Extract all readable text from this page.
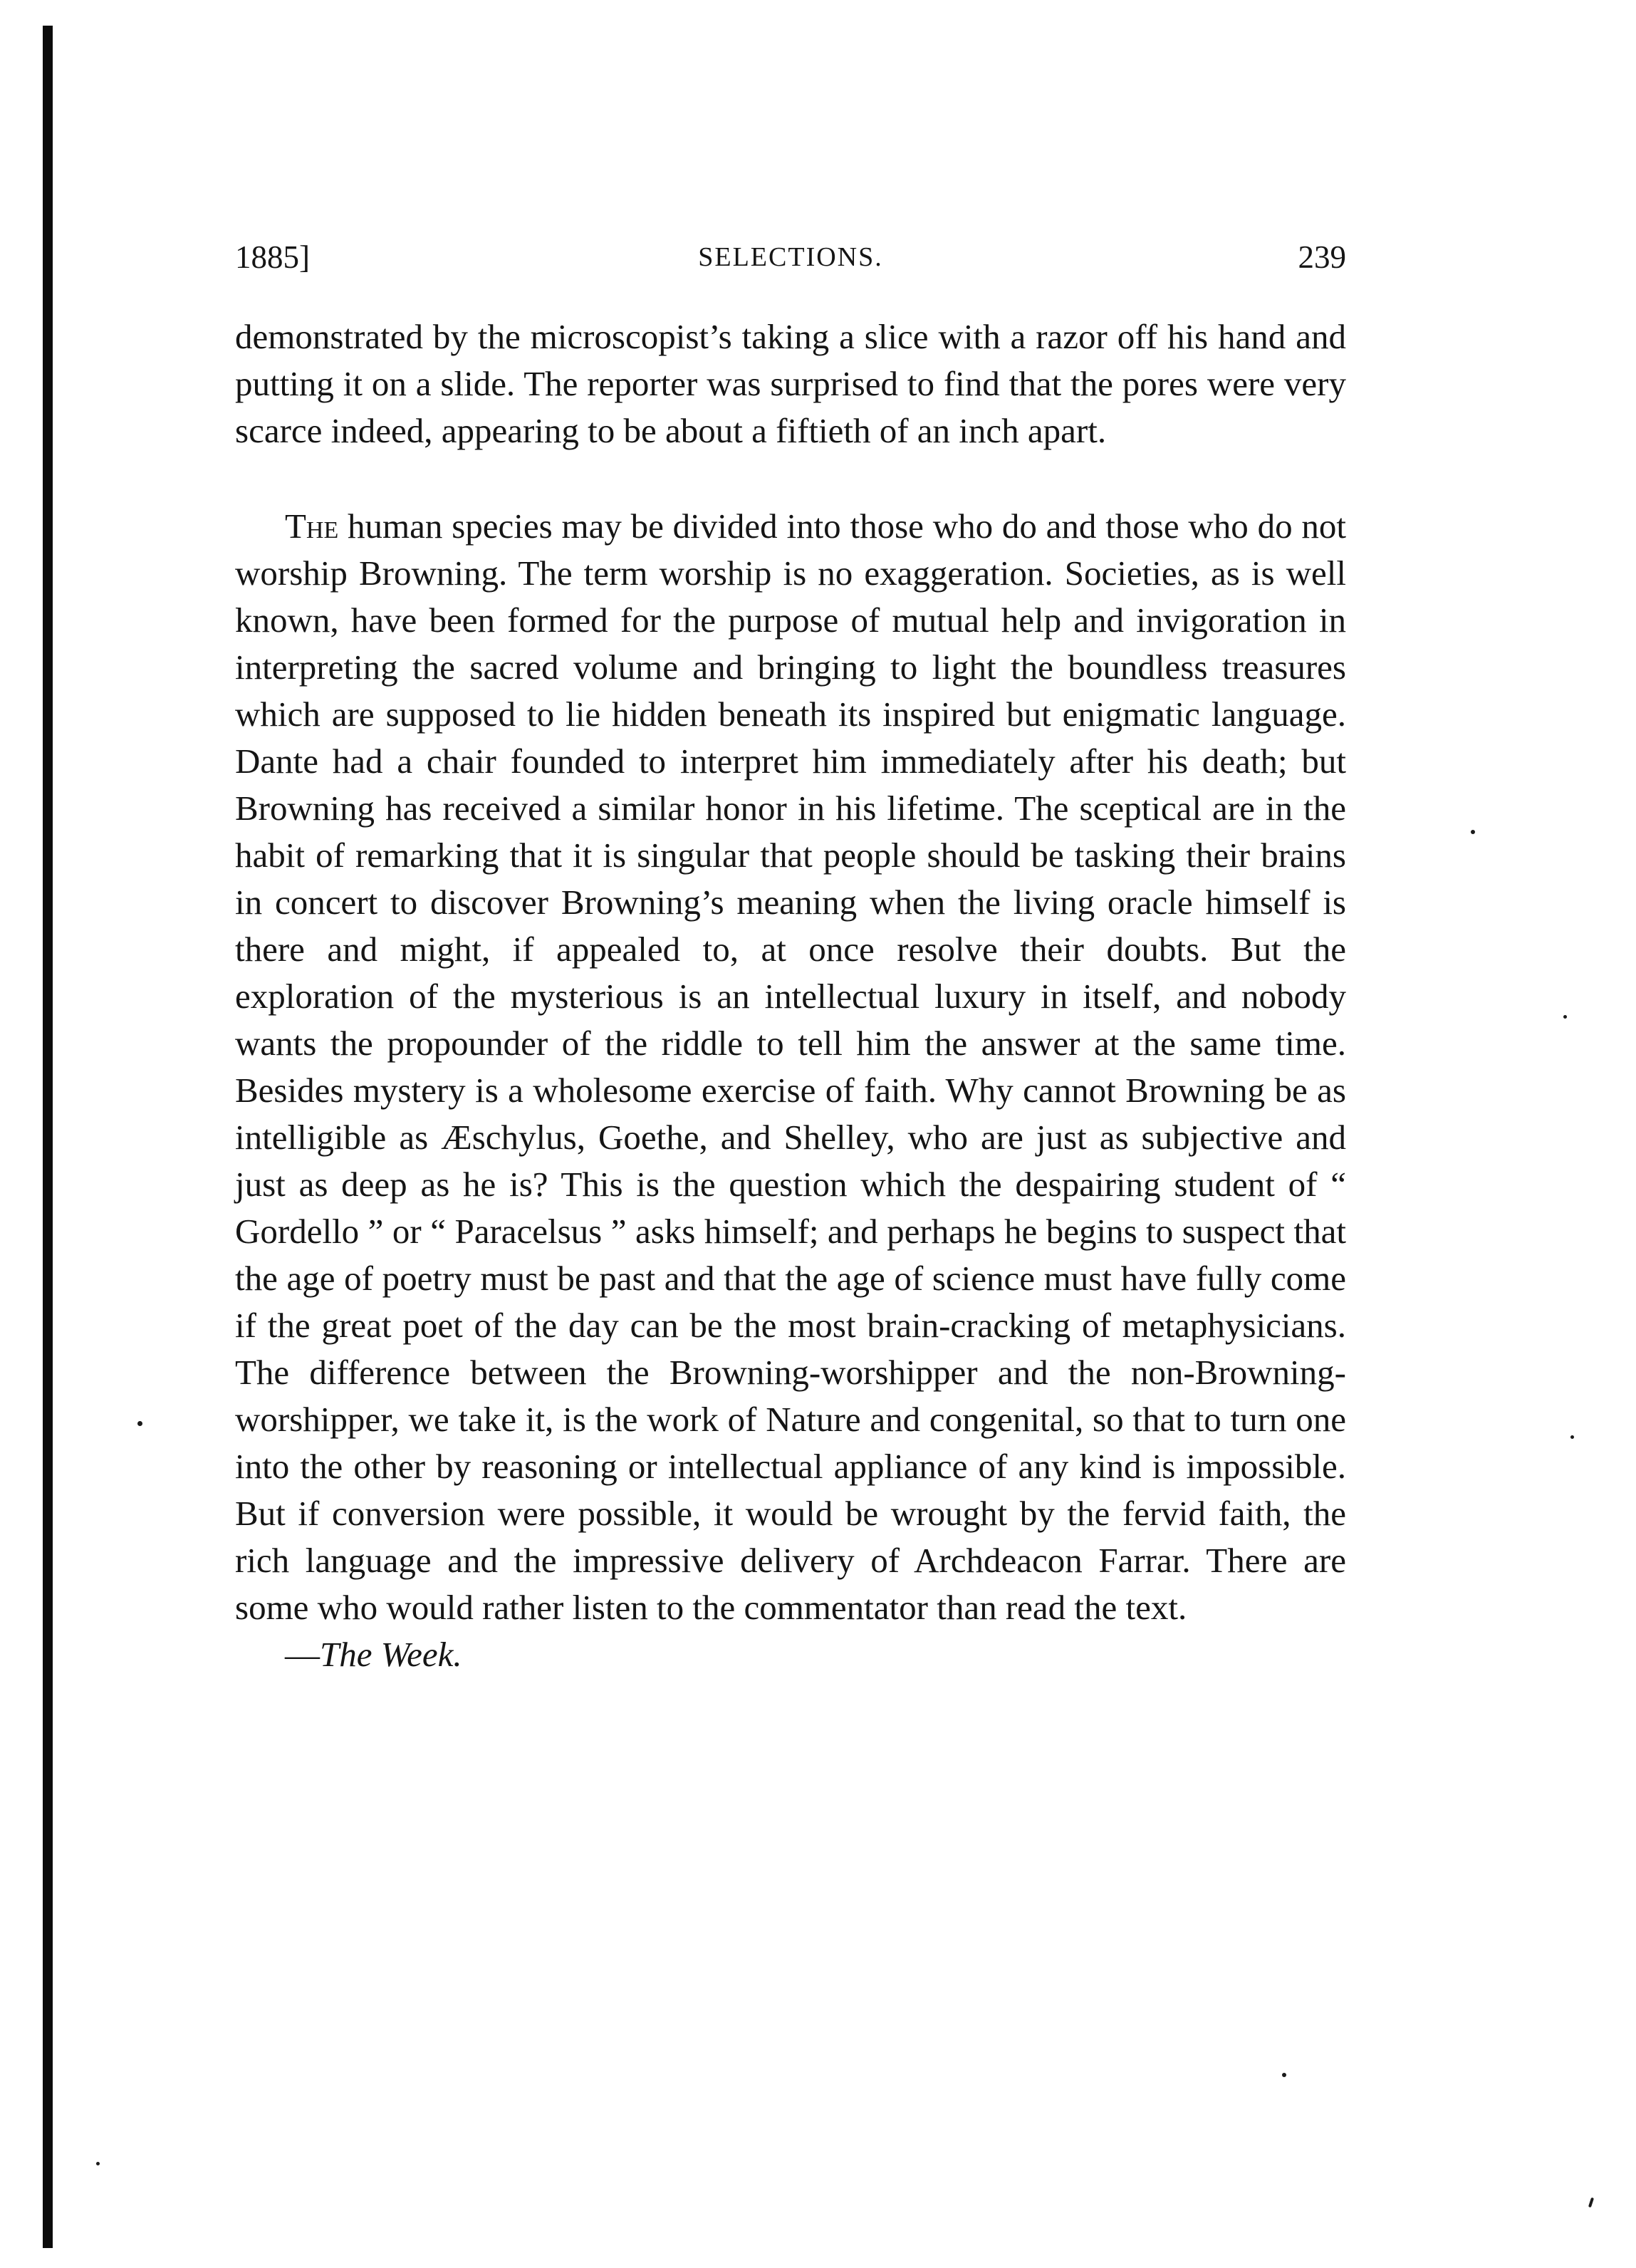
1885]	SELECTIONS.	239

demonstrated by the microscopist’s taking a slice with a razor off his hand and putting it on a slide. The reporter was surprised to find that the pores were very scarce indeed, appearing to be about a fiftieth of an inch apart.

The human species may be divided into those who do and those who do not worship Browning. The term worship is no exaggeration. Societies, as is well known, have been formed for the purpose of mutual help and invigoration in interpreting the sacred volume and bringing to light the boundless treasures which are supposed to lie hidden beneath its inspired but enigmatic language. Dante had a chair founded to interpret him immediately after his death; but Browning has received a similar honor in his lifetime. The sceptical are in the habit of remarking that it is singular that people should be tasking their brains in concert to discover Browning’s meaning when the living oracle himself is there and might, if appealed to, at once resolve their doubts. But the exploration of the mysterious is an intellectual luxury in itself, and nobody wants the propounder of the riddle to tell him the answer at the same time. Besides mystery is a wholesome exercise of faith. Why cannot Browning be as intelligible as Æschylus, Goethe, and Shelley, who are just as subjective and just as deep as he is? This is the question which the despairing student of “ Gordello ” or “ Paracelsus ” asks himself; and perhaps he begins to suspect that the age of poetry must be past and that the age of science must have fully come if the great poet of the day can be the most brain-cracking of metaphysicians. The difference between the Browning-worshipper and the non-Browning-worshipper, we take it, is the work of Nature and congenital, so that to turn one into the other by reasoning or intellectual appliance of any kind is impossible. But if conversion were possible, it would be wrought by the fervid faith, the rich language and the impressive delivery of Archdeacon Farrar. There are some who would rather listen to the commentator than read the text.
—The Week.
